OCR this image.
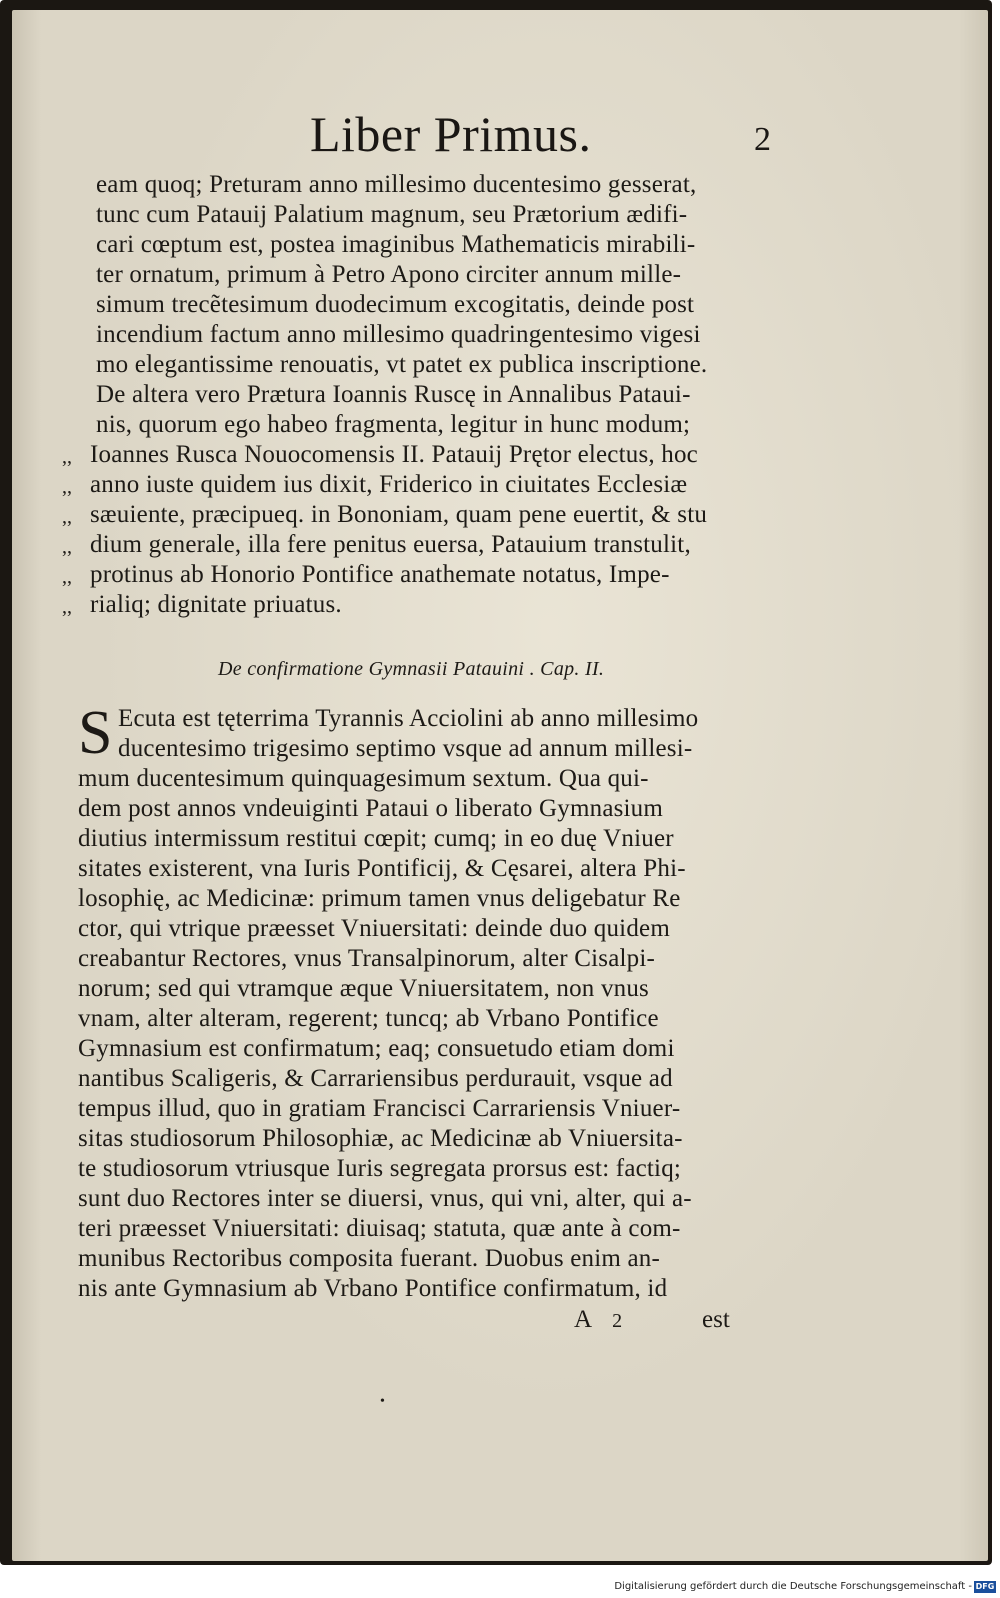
Liber Primus.	2
eam quoq; Preturam anno millesimo ducentesimo gesserat,
tunc cum Patauij Palatium magnum, seu Prætorium ædifi-
cari cœptum est, postea imaginibus Mathematicis mirabili-
ter ornatum, primum à Petro Apono circiter annum mille-
simum trecẽtesimum duodecimum excogitatis, deinde post
incendium factum anno millesimo quadringentesimo vigesi
mo elegantissime renouatis, vt patet ex publica inscriptione.
De altera vero Prætura Ioannis Ruscę in Annalibus Pataui-
nis, quorum ego habeo fragmenta, legitur in hunc modum;
,,
,,
,,
,,
,,
,,
Ioannes Rusca Nouocomensis II. Patauij Prętor electus, hoc
anno iuste quidem ius dixit, Friderico in ciuitates Ecclesiæ
sæuiente, præcipueq. in Bononiam, quam pene euertit, & stu
dium generale, illa fere penitus euersa, Patauium transtulit,
protinus ab Honorio Pontifice anathemate notatus, Impe-
rialiq; dignitate priuatus.
De confirmatione Gymnasii Patauini . Cap. II.
S Ecuta est tęterrima Tyrannis Acciolini ab anno millesimo
ducentesimo trigesimo septimo vsque ad annum millesi-
mum ducentesimum quinquagesimum sextum. Qua qui-
dem post annos vndeuiginti Pataui o liberato Gymnasium
diutius intermissum restitui cœpit; cumq; in eo duę Vniuer
sitates existerent, vna Iuris Pontificij, & Cęsarei, altera Phi-
losophię, ac Medicinæ: primum tamen vnus deligebatur Re
ctor, qui vtrique præesset Vniuersitati: deinde duo quidem
creabantur Rectores, vnus Transalpinorum, alter Cisalpi-
norum; sed qui vtramque æque Vniuersitatem, non vnus
vnam, alter alteram, regerent; tuncq; ab Vrbano Pontifice
Gymnasium est confirmatum; eaq; consuetudo etiam domi
nantibus Scaligeris, & Carrariensibus perdurauit, vsque ad
tempus illud, quo in gratiam Francisci Carrariensis Vniuer-
sitas studiosorum Philosophiæ, ac Medicinæ ab Vniuersita-
te studiosorum vtriusque Iuris segregata prorsus est: factiq;
sunt duo Rectores inter se diuersi, vnus, qui vni, alter, qui a-
teri præesset Vniuersitati: diuisaq; statuta, quæ ante à com-
munibus Rectoribus composita fuerant. Duobus enim an-
nis ante Gymnasium ab Vrbano Pontifice confirmatum, id
A 2	est
•
Digitalisierung gefördert durch die Deutsche Forschungsgemeinschaft - DFG
